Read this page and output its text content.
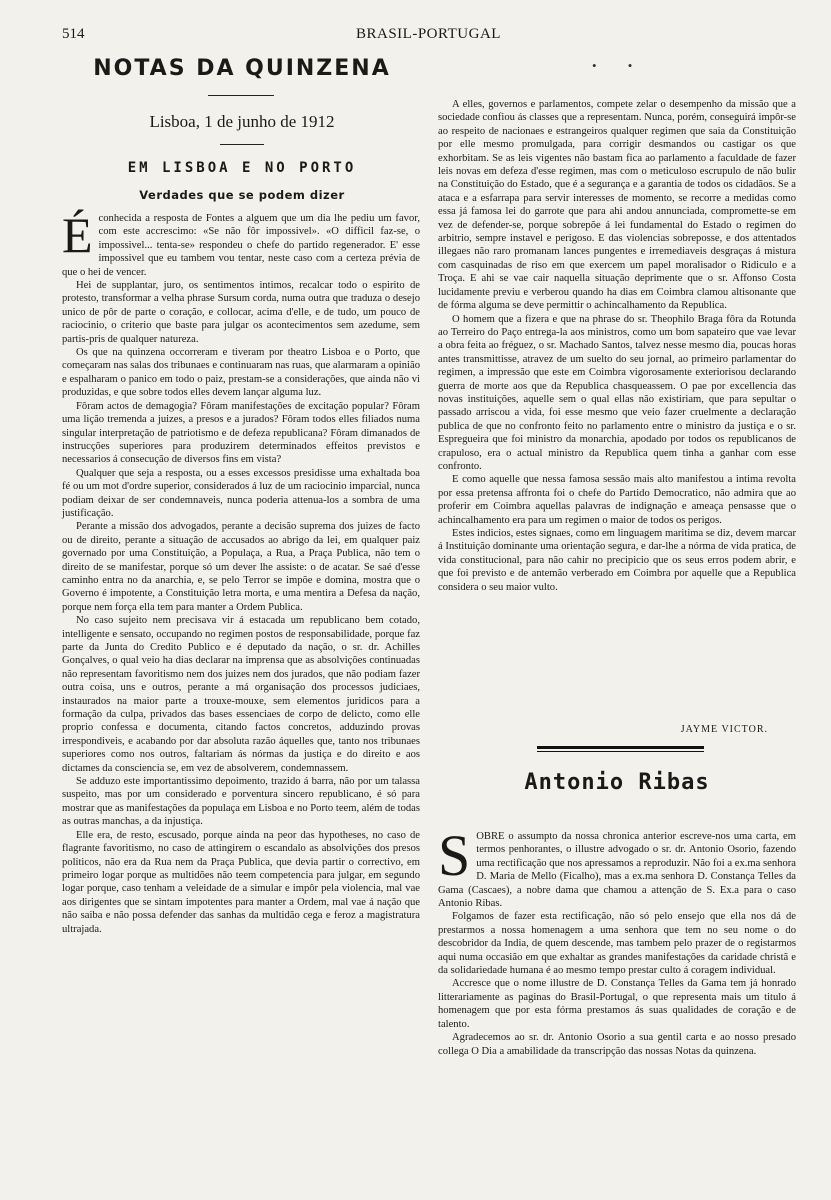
514	BRASIL-PORTUGAL
• •
NOTAS DA QUINZENA
Lisboa, 1 de junho de 1912
EM LISBOA E NO PORTO
Verdades que se podem dizer

Éconhecida a resposta de Fontes a alguem que um dia lhe pediu um favor, com este accrescimo: «Se não fôr impossivel». «O difficil faz-se, o impossivel... tenta-se» respondeu o chefe do partido regenerador. E' esse impossivel que eu tambem vou tentar, neste caso com a certeza prévia de que o hei de vencer.

Hei de supplantar, juro, os sentimentos intimos, recalcar todo o espirito de protesto, transformar a velha phrase Sursum corda, numa outra que traduza o desejo unico de pôr de parte o coração, e collocar, acima d'elle, e de tudo, um pouco de raciocinio, o criterio que baste para julgar os acontecimentos sem azedume, sem partis-pris de qualquer natureza.

Os que na quinzena occorreram e tiveram por theatro Lisboa e o Porto, que começaram nas salas dos tribunaes e continuaram nas ruas, que alarmaram a opinião e espalharam o panico em todo o paiz, prestam-se a considerações, que ainda não vi produzidas, e que sobre todos elles devem lançar alguma luz.

Fôram actos de demagogia? Fôram manifestações de excitação popular? Fôram uma lição tremenda a juizes, a presos e a jurados? Fôram todos elles filiados numa singular interpretação de patriotismo e de defeza republicana? Fôram dimanados de instrucções superiores para produzirem determinados effeitos previstos e necessarios á consecução de diversos fins em vista?

Qualquer que seja a resposta, ou a esses excessos presidisse uma exhaltada boa fé ou um mot d'ordre superior, considerados á luz de um raciocinio imparcial, nunca podiam deixar de ser condemnaveis, nunca poderia attenua-los a sombra de uma justificação.

Perante a missão dos advogados, perante a decisão suprema dos juizes de facto ou de direito, perante a situação de accusados ao abrigo da lei, em qualquer paiz governado por uma Constituição, a Populaça, a Rua, a Praça Publica, não tem o direito de se manifestar, porque só um dever lhe assiste: o de acatar. Se saé d'esse caminho entra no da anarchia, e, se pelo Terror se impõe e domina, mostra que o Governo é impotente, a Constituição letra morta, e uma mentira a Defesa da nação, porque nem força ella tem para manter a Ordem Publica.

No caso sujeito nem precisava vir á estacada um republicano bem cotado, intelligente e sensato, occupando no regimen postos de responsabilidade, porque faz parte da Junta do Credito Publico e é deputado da nação, o sr. dr. Achilles Gonçalves, o qual veio ha dias declarar na imprensa que as absolvições continuadas não representam favoritismo nem dos juizes nem dos jurados, que não podiam fazer outra coisa, uns e outros, perante a má organisação dos processos judiciaes, instaurados na maior parte a trouxe-mouxe, sem elementos juridicos para a formação da culpa, privados das bases essenciaes de corpo de delicto, como elle proprio confessa e documenta, citando factos concretos, adduzindo provas irrespondiveis, e acabando por dar absoluta razão áquelles que, tanto nos tribunaes superiores como nos outros, faltariam ás nórmas da justiça e do direito e aos dictames da consciencia se, em vez de absolverem, condemnassem.

Se adduzo este importantissimo depoimento, trazido á barra, não por um talassa suspeito, mas por um considerado e porventura sincero republicano, é só para mostrar que as manifestações da populaça em Lisboa e no Porto teem, além de todas as outras manchas, a da injustiça.

Elle era, de resto, escusado, porque ainda na peor das hypotheses, no caso de flagrante favoritismo, no caso de attingirem o escandalo as absolvições dos presos politicos, não era da Rua nem da Praça Publica, que devia partir o correctivo, em primeiro logar porque as multidões não teem competencia para julgar, em segundo logar porque, caso tenham a veleidade de a simular e impôr pela violencia, mal vae aos dirigentes que se sintam impotentes para manter a Ordem, mal vae á nação que não saiba e não possa defender das sanhas da multidão cega e feroz a magistratura ultrajada.

A elles, governos e parlamentos, compete zelar o desempenho da missão que a sociedade confiou ás classes que a representam. Nunca, porém, conseguirá impôr-se ao respeito de nacionaes e estrangeiros qualquer regimen que saia da Constituição por elle mesmo promulgada, para corrigir desmandos ou castigar os que exhorbitam. Se as leis vigentes não bastam fica ao parlamento a faculdade de fazer leis novas em defeza d'esse regimen, mas com o meticuloso escrupulo de não bulir na Constituição do Estado, que é a segurança e a garantia de todos os cidadãos. Se a ataca e a esfarrapa para servir interesses de momento, se recorre a medidas como essa já famosa lei do garrote que para ahi andou annunciada, compromette-se em vez de defender-se, porque sobrepõe á lei fundamental do Estado o regimen do arbitrio, sempre instavel e perigoso. E das violencias sobreposse, e dos attentados illegaes não raro promanam lances pungentes e irremediaveis desgraças á mistura com casquinadas de riso em que exercem um papel moralisador o Ridiculo e a Troça. E ahi se vae cair naquella situação deprimente que o sr. Affonso Costa lucidamente previu e verberou quando ha dias em Coimbra clamou altisonante que de fórma alguma se deve permittir o achincalhamento da Republica.

O homem que a fizera e que na phrase do sr. Theophilo Braga fôra da Rotunda ao Terreiro do Paço entrega-la aos ministros, como um bom sapateiro que vae levar a obra feita ao fréguez, o sr. Machado Santos, talvez nesse mesmo dia, poucas horas antes transmittisse, atravez de um suelto do seu jornal, ao primeiro parlamentar do regimen, a impressão que este em Coimbra vigorosamente exteriorisou declarando guerra de morte aos que da Republica chasqueassem. O pae por excellencia das novas instituições, aquelle sem o qual ellas não existiriam, que para sepultar o passado arriscou a vida, foi esse mesmo que veio fazer cruelmente a declaração publica de que no confronto feito no parlamento entre o ministro da justiça e o sr. Espregueira que foi ministro da monarchia, apodado por todos os republicanos de crapuloso, era o actual ministro da Republica quem tinha a ganhar com esse confronto.

E como aquelle que nessa famosa sessão mais alto manifestou a intima revolta por essa pretensa affronta foi o chefe do Partido Democratico, não admira que ao proferir em Coimbra aquellas palavras de indignação e ameaça pensasse que o achincalhamento era para um regimen o maior de todos os perigos.

Estes indicios, estes signaes, como em linguagem maritima se diz, devem marcar á Instituição dominante uma orientação segura, e dar-lhe a nórma de vida pratica, de vida constitucional, para não cahir no precipicio que os seus erros podem abrir, e que foi previsto e de antemão verberado em Coimbra por aquelle que a Republica considera o seu maior vulto.

JAYME VICTOR.
Antonio Ribas

SOBRE o assumpto da nossa chronica anterior escreve-nos uma carta, em termos penhorantes, o illustre advogado o sr. dr. Antonio Osorio, fazendo uma rectificação que nos apressamos a reproduzir. Não foi a ex.ma senhora D. Maria de Mello (Ficalho), mas a ex.ma senhora D. Constança Telles da Gama (Cascaes), a nobre dama que chamou a attenção de S. Ex.a para o caso Antonio Ribas.

Folgamos de fazer esta rectificação, não só pelo ensejo que ella nos dá de prestarmos a nossa homenagem a uma senhora que tem no seu nome o do descobridor da India, de quem descende, mas tambem pelo prazer de o registarmos aqui numa occasião em que exhaltar as grandes manifestações da caridade christã e da solidariedade humana é ao mesmo tempo prestar culto á coragem individual.

Accresce que o nome illustre de D. Constança Telles da Gama tem já honrado litterariamente as paginas do Brasil-Portugal, o que representa mais um titulo á homenagem que por esta fórma prestamos ás suas qualidades de coração e de talento.

Agradecemos ao sr. dr. Antonio Osorio a sua gentil carta e ao nosso presado collega O Dia a amabilidade da transcripção das nossas Notas da quinzena.
